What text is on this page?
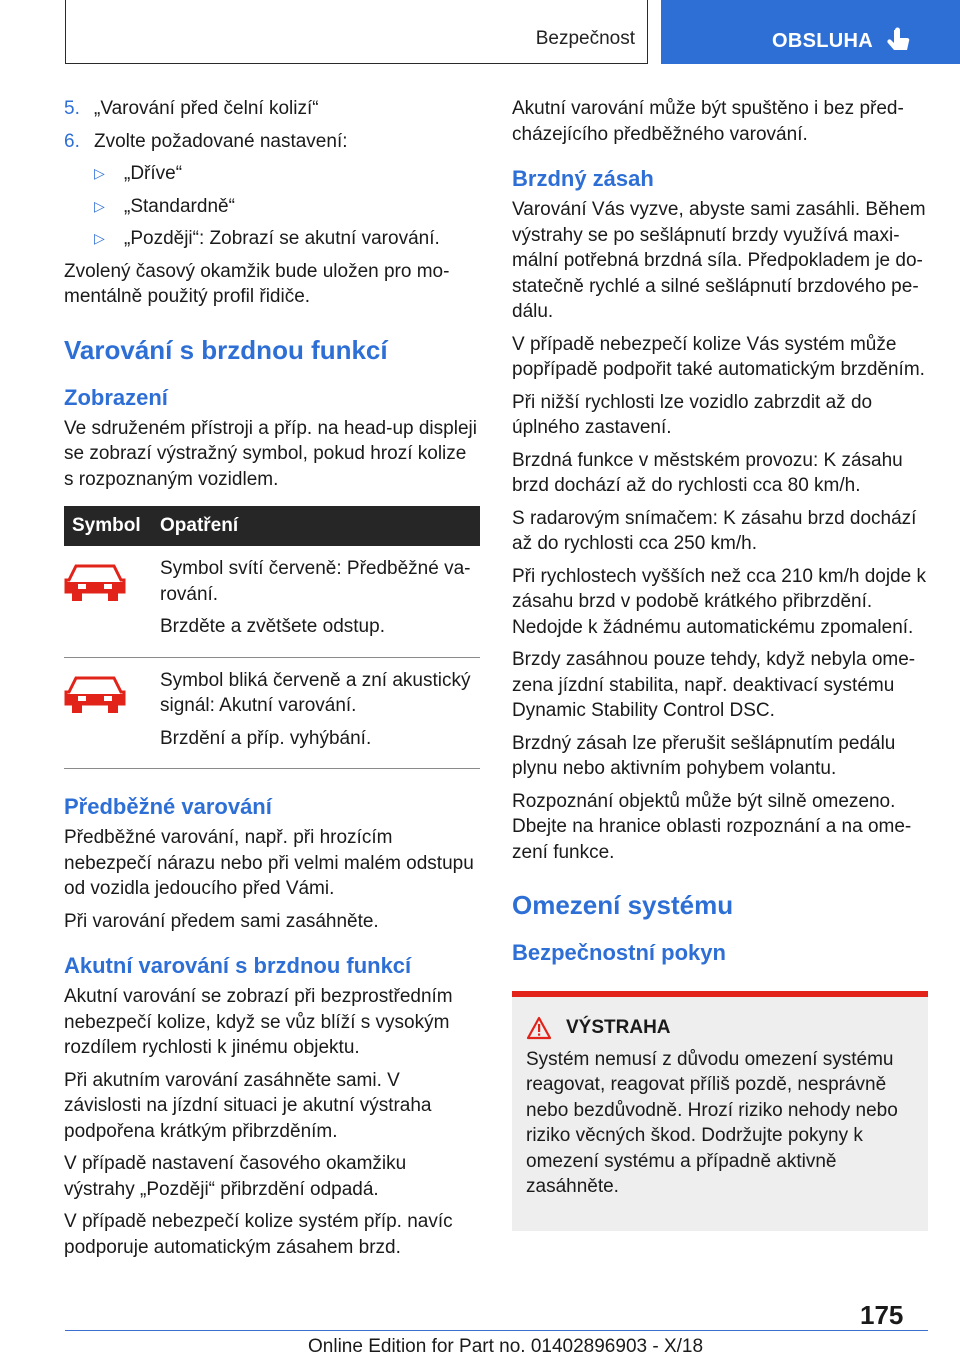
Bezpečnost	OBSLUHA
5. „Varování před čelní kolizí“
6. Zvolte požadované nastavení:
▷ „Dříve“
▷ „Standardně“
▷ „Později“: Zobrazí se akutní varování.

Zvolený časový okamžik bude uložen pro momentálně použitý profil řidiče.

Varování s brzdnou funkcí
Zobrazení

Ve sdruženém přístroji a příp. na head-up displeji se zobrazí výstražný symbol, pokud hrozí kolize s rozpoznaným vozidlem.

Symbol	Opatření

Symbol svítí červeně: Předběžné varování.

Brzděte a zvětšete odstup.

Symbol bliká červeně a zní akustický signál: Akutní varování.

Brzdění a příp. vyhýbání.

Předběžné varování

Předběžné varování, např. při hrozícím nebezpečí nárazu nebo při velmi malém odstupu od vozidla jedoucího před Vámi.

Při varování předem sami zasáhněte.

Akutní varování s brzdnou funkcí

Akutní varování se zobrazí při bezprostředním nebezpečí kolize, když se vůz blíží s vysokým rozdílem rychlosti k jinému objektu.

Při akutním varování zasáhněte sami. V závislosti na jízdní situaci je akutní výstraha podpořena krátkým přibrzděním.

V případě nastavení časového okamžiku výstrahy „Později“ přibrzdění odpadá.

V případě nebezpečí kolize systém příp. navíc podporuje automatickým zásahem brzd.

Akutní varování může být spuštěno i bez předcházejícího předběžného varování.

Brzdný zásah

Varování Vás vyzve, abyste sami zasáhli. Během výstrahy se po sešlápnutí brzdy využívá maximální potřebná brzdná síla. Předpokladem je dostatečně rychlé a silné sešlápnutí brzdového pedálu.

V případě nebezpečí kolize Vás systém může popřípadě podpořit také automatickým brzděním.

Při nižší rychlosti lze vozidlo zabrzdit až do úplného zastavení.

Brzdná funkce v městském provozu: K zásahu brzd dochází až do rychlosti cca 80 km/h.

S radarovým snímačem: K zásahu brzd dochází až do rychlosti cca 250 km/h.

Při rychlostech vyšších než cca 210 km/h dojde k zásahu brzd v podobě krátkého přibrzdění. Nedojde k žádnému automatickému zpomalení.

Brzdy zasáhnou pouze tehdy, když nebyla omezena jízdní stabilita, např. deaktivací systému Dynamic Stability Control DSC.

Brzdný zásah lze přerušit sešlápnutím pedálu plynu nebo aktivním pohybem volantu.

Rozpoznání objektů může být silně omezeno. Dbejte na hranice oblasti rozpoznání a na omezení funkce.

Omezení systému
Bezpečnostní pokyn
VÝSTRAHA

Systém nemusí z důvodu omezení systému reagovat, reagovat příliš pozdě, nesprávně nebo bezdůvodně. Hrozí riziko nehody nebo riziko věcných škod. Dodržujte pokyny k omezení systému a případně aktivně zasáhněte.

175
Online Edition for Part no. 01402896903 - X/18
